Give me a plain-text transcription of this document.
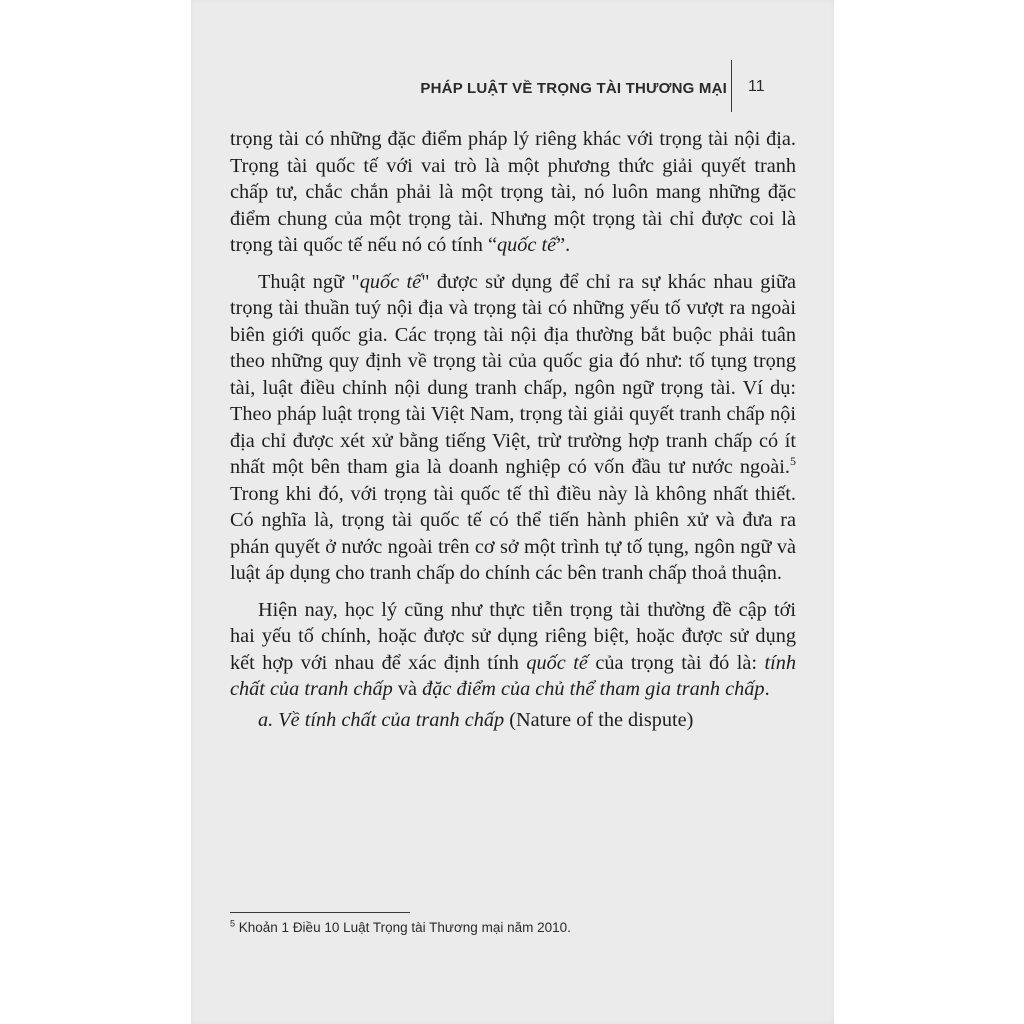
PHÁP LUẬT VỀ TRỌNG TÀI THƯƠNG MẠI 11

trọng tài có những đặc điểm pháp lý riêng khác với trọng tài nội địa. Trọng tài quốc tế với vai trò là một phương thức giải quyết tranh chấp tư, chắc chắn phải là một trọng tài, nó luôn mang những đặc điểm chung của một trọng tài. Nhưng một trọng tài chỉ được coi là trọng tài quốc tế nếu nó có tính “quốc tế”.

Thuật ngữ "quốc tế" được sử dụng để chỉ ra sự khác nhau giữa trọng tài thuần tuý nội địa và trọng tài có những yếu tố vượt ra ngoài biên giới quốc gia. Các trọng tài nội địa thường bắt buộc phải tuân theo những quy định về trọng tài của quốc gia đó như: tố tụng trọng tài, luật điều chỉnh nội dung tranh chấp, ngôn ngữ trọng tài. Ví dụ: Theo pháp luật trọng tài Việt Nam, trọng tài giải quyết tranh chấp nội địa chỉ được xét xử bằng tiếng Việt, trừ trường hợp tranh chấp có ít nhất một bên tham gia là doanh nghiệp có vốn đầu tư nước ngoài.$^5$ Trong khi đó, với trọng tài quốc tế thì điều này là không nhất thiết. Có nghĩa là, trọng tài quốc tế có thể tiến hành phiên xử và đưa ra phán quyết ở nước ngoài trên cơ sở một trình tự tố tụng, ngôn ngữ và luật áp dụng cho tranh chấp do chính các bên tranh chấp thoả thuận.

Hiện nay, học lý cũng như thực tiễn trọng tài thường đề cập tới hai yếu tố chính, hoặc được sử dụng riêng biệt, hoặc được sử dụng kết hợp với nhau để xác định tính quốc tế của trọng tài đó là: tính chất của tranh chấp và đặc điểm của chủ thể tham gia tranh chấp.

a. Về tính chất của tranh chấp (Nature of the dispute)

$^5$ Khoản 1 Điều 10 Luật Trọng tài Thương mại năm 2010.
